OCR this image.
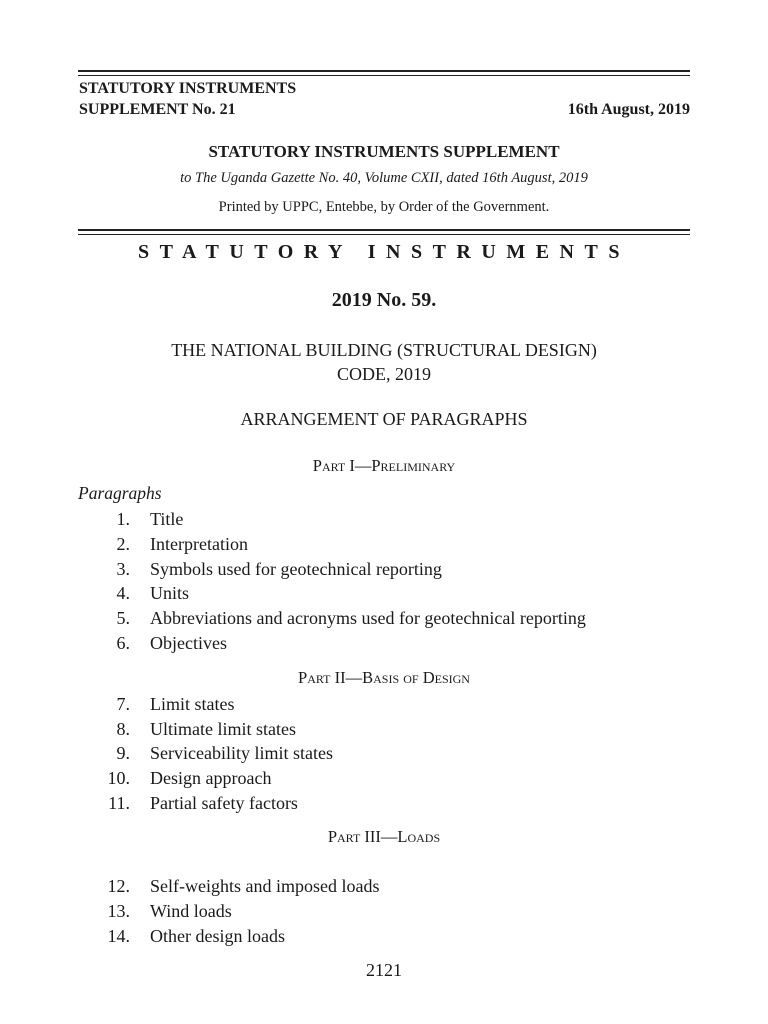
STATUTORY INSTRUMENTS
SUPPLEMENT No. 21	16th August, 2019
STATUTORY INSTRUMENTS SUPPLEMENT
to The Uganda Gazette No. 40, Volume CXII, dated 16th August, 2019
Printed by UPPC, Entebbe, by Order of the Government.
STATUTORY INSTRUMENTS
2019 No. 59.
THE NATIONAL BUILDING (STRUCTURAL DESIGN)
CODE, 2019
ARRANGEMENT OF PARAGRAPHS
Part I—Preliminary
Paragraphs
1. Title
2. Interpretation
3. Symbols used for geotechnical reporting
4. Units
5. Abbreviations and acronyms used for geotechnical reporting
6. Objectives
Part II—Basis of Design
7. Limit states
8. Ultimate limit states
9. Serviceability limit states
10. Design approach
11. Partial safety factors
Part III—Loads
12. Self-weights and imposed loads
13. Wind loads
14. Other design loads
2121
